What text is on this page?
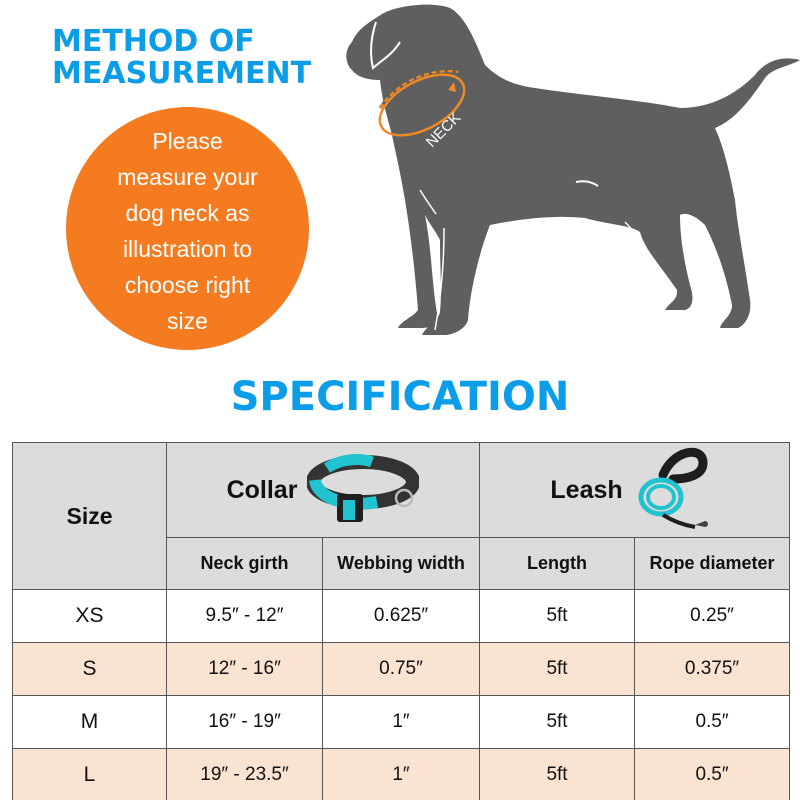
METHOD OF
MEASUREMENT
Please
measure your
dog neck as
illustration to
choose right
size
NECK
SPECIFICATION
Size	Collar		Leash	

	Neck girth	Webbing width	Length	Rope diameter
XS	9.5″ - 12″	0.625″	5ft	0.25″
S	12″ - 16″	0.75″	5ft	0.375″
M	16″ - 19″	1″	5ft	0.5″
L	19″ - 23.5″	1″	5ft	0.5″
